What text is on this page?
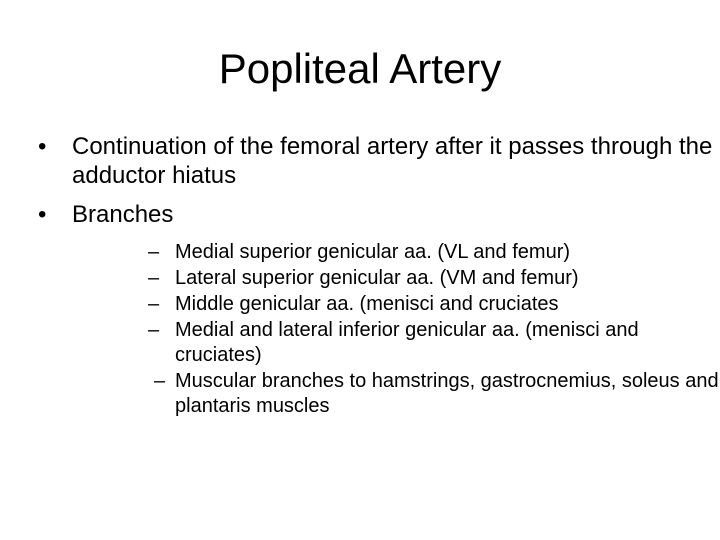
Popliteal Artery
• Continuation of the femoral artery after it passes through the adductor hiatus
• Branches
– Medial superior genicular aa. (VL and femur)
– Lateral superior genicular aa. (VM and femur)
– Middle genicular aa. (menisci and cruciates
– Medial and lateral inferior genicular aa. (menisci and cruciates)
– Muscular branches to hamstrings, gastrocnemius, soleus and plantaris muscles
